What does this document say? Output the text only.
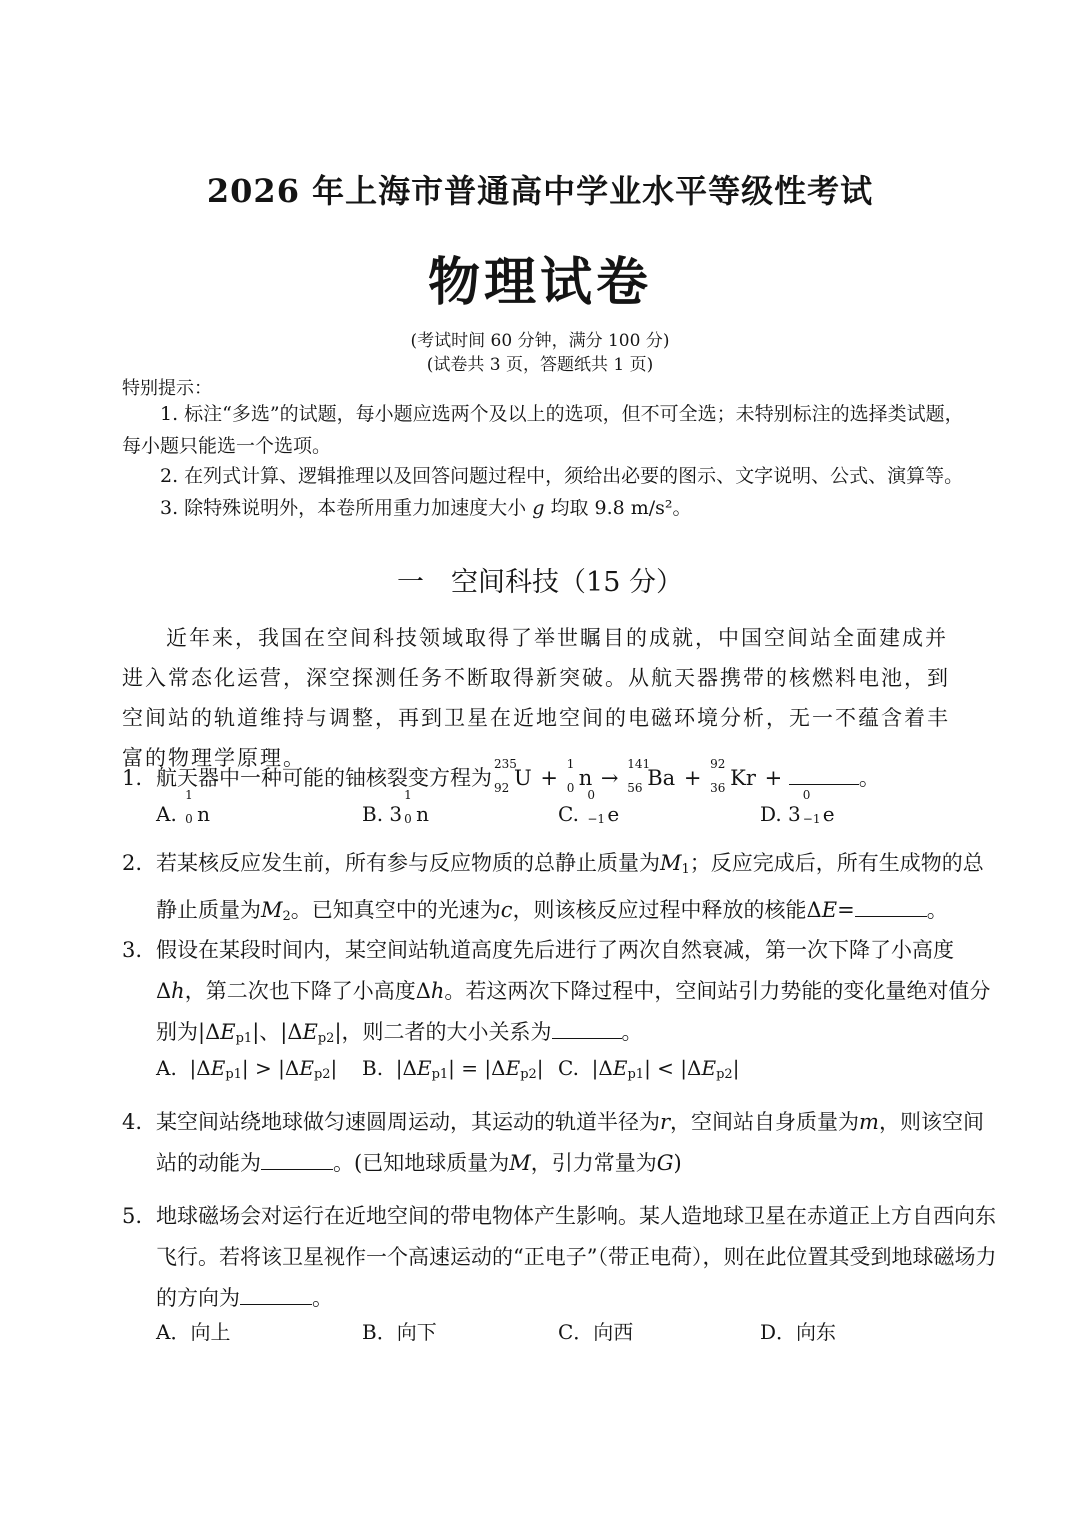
2026 年上海市普通高中学业水平等级性考试
物理试卷
(考试时间 60 分钟，满分 100 分)
(试卷共 3 页，答题纸共 1 页)
特别提示：
1. 标注“多选”的试题，每小题应选两个及以上的选项，但不可全选；未特别标注的选择类试题，每小题只能选一个选项。
2. 在列式计算、逻辑推理以及回答问题过程中，须给出必要的图示、文字说明、公式、演算等。
3. 除特殊说明外，本卷所用重力加速度大小 g 均取 9.8 m/s²。
一　空间科技（15 分）
近年来，我国在空间科技领域取得了举世瞩目的成就，中国空间站全面建成并进入常态化运营，深空探测任务不断取得新突破。从航天器携带的核燃料电池，到空间站的轨道维持与调整，再到卫星在近地空间的电磁环境分析，无一不蕴含着丰富的物理学原理。
1. 航天器中一种可能的铀核裂变方程为
235
92 U +
1
0 n →
141
56 Ba +
92
36 Kr +	。
A.
1
0 n	B. 3
1
0 n	C.
0
−1 e	D. 3
0
−1 e
2. 若某核反应发生前，所有参与反应物质的总静止质量为M1；反应完成后，所有生成物的总静止质量为M2。已知真空中的光速为c，则该核反应过程中释放的核能ΔE=	。
3. 假设在某段时间内，某空间站轨道高度先后进行了两次自然衰减，第一次下降了小高度Δh，第二次也下降了小高度Δh。若这两次下降过程中，空间站引力势能的变化量绝对值分别为|ΔEp1|、|ΔEp2|，则二者的大小关系为	。
A.  |ΔEp1| > |ΔEp2| B.  |ΔEp1| = |ΔEp2| C.  |ΔEp1| < |ΔEp2|
4. 某空间站绕地球做匀速圆周运动，其运动的轨道半径为r，空间站自身质量为m，则该空间站的动能为	。(已知地球质量为M，引力常量为G)
5. 地球磁场会对运行在近地空间的带电物体产生影响。某人造地球卫星在赤道正上方自西向东飞行。若将该卫星视作一个高速运动的“正电子”（带正电荷），则在此位置其受到地球磁场力的方向为	。
A．向上	B．向下	C．向西	D．向东
